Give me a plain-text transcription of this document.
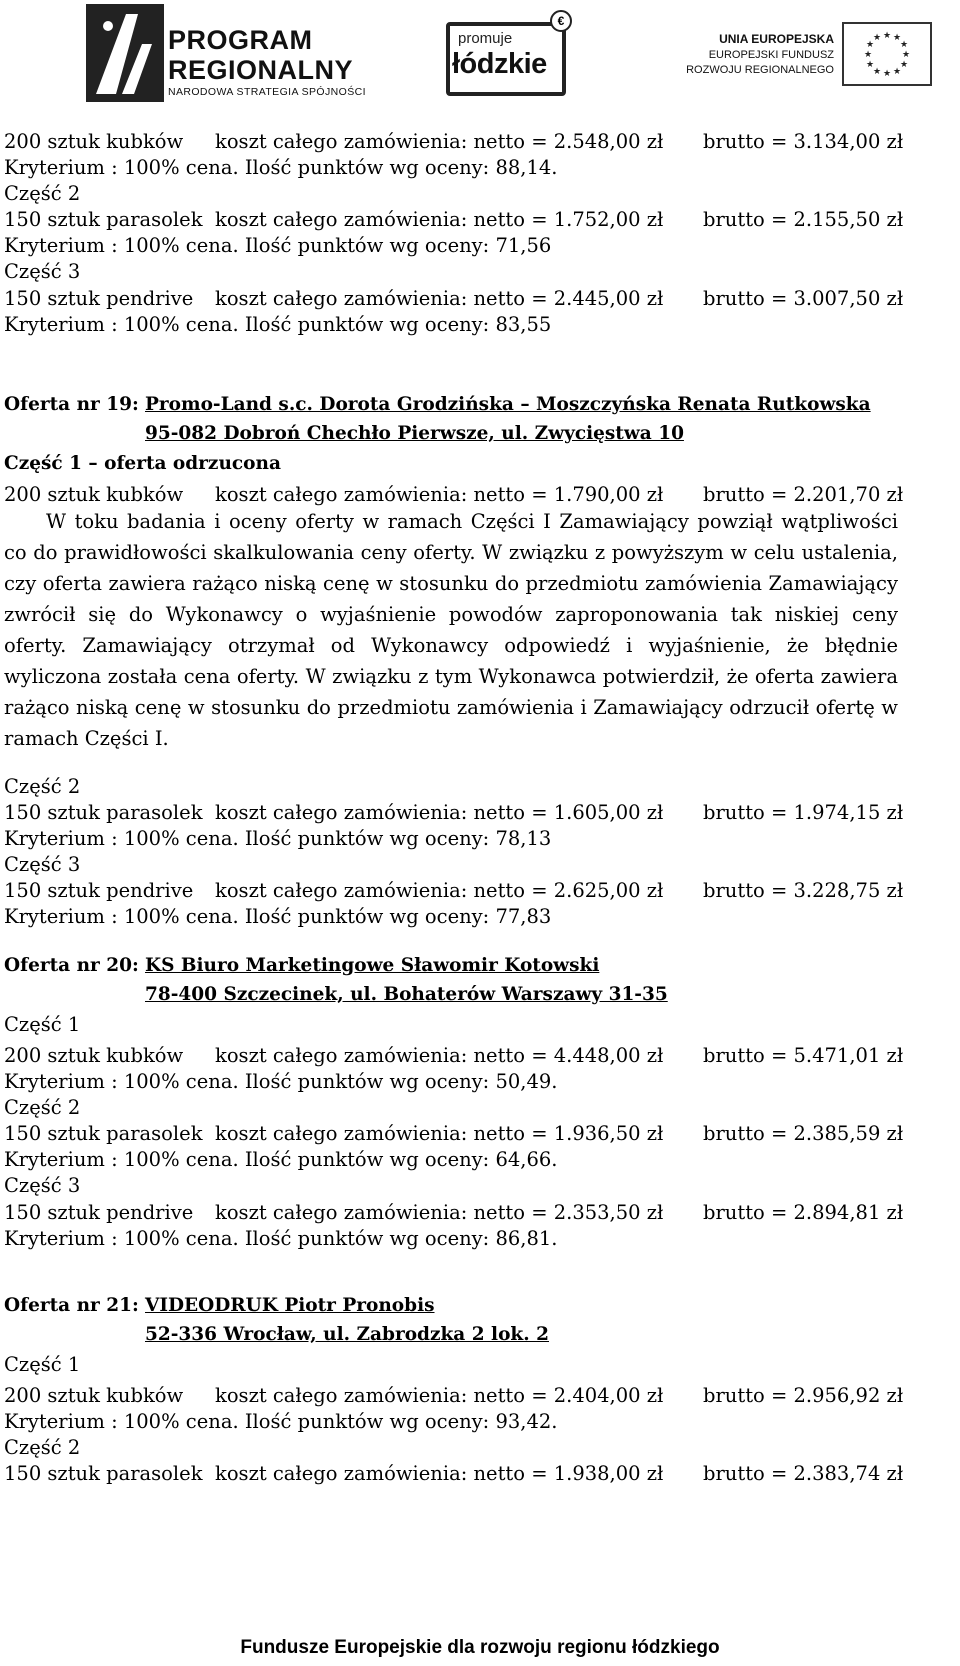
PROGRAM
REGIONALNY
NARODOWA STRATEGIA SPÓJNOŚCI
promuje
łódzkie
€
UNIA EUROPEJSKA
EUROPEJSKI FUNDUSZ
ROZWOJU REGIONALNEGO
★ ★
★
★
★
★
★
★
★
★
★
★
200 sztuk kubków koszt całego zamówienia: netto = 2.548,00 zł brutto = 3.134,00 zł
Kryterium : 100% cena. Ilość punktów wg oceny: 88,14.
Część 2
150 sztuk parasolek koszt całego zamówienia: netto = 1.752,00 zł brutto = 2.155,50 zł
Kryterium : 100% cena. Ilość punktów wg oceny: 71,56
Część 3
150 sztuk pendrive koszt całego zamówienia: netto = 2.445,00 zł brutto = 3.007,50 zł
Kryterium : 100% cena. Ilość punktów wg oceny: 83,55
Oferta nr 19: Promo-Land s.c. Dorota Grodzińska – Moszczyńska Renata Rutkowska
95-082 Dobroń Chechło Pierwsze, ul. Zwycięstwa 10
Część 1 – oferta odrzucona
200 sztuk kubków koszt całego zamówienia: netto = 1.790,00 zł brutto = 2.201,70 zł
W toku badania i oceny oferty w ramach Części I Zamawiający powziął wątpliwości co do prawidłowości skalkulowania ceny oferty. W związku z powyższym w celu ustalenia, czy oferta zawiera rażąco niską cenę w stosunku do przedmiotu zamówienia Zamawiający zwrócił się do Wykonawcy o wyjaśnienie powodów zaproponowania tak niskiej ceny oferty. Zamawiający otrzymał od Wykonawcy odpowiedź i wyjaśnienie, że błędnie wyliczona została cena oferty. W związku z tym Wykonawca potwierdził, że oferta zawiera rażąco niską cenę w stosunku do przedmiotu zamówienia i Zamawiający odrzucił ofertę w ramach Części I.
Część 2
150 sztuk parasolek koszt całego zamówienia: netto = 1.605,00 zł brutto = 1.974,15 zł
Kryterium : 100% cena. Ilość punktów wg oceny: 78,13
Część 3
150 sztuk pendrive koszt całego zamówienia: netto = 2.625,00 zł brutto = 3.228,75 zł
Kryterium : 100% cena. Ilość punktów wg oceny: 77,83
Oferta nr 20: KS Biuro Marketingowe Sławomir Kotowski
78-400 Szczecinek, ul. Bohaterów Warszawy 31-35
Część 1
200 sztuk kubków koszt całego zamówienia: netto = 4.448,00 zł brutto = 5.471,01 zł
Kryterium : 100% cena. Ilość punktów wg oceny: 50,49.
Część 2
150 sztuk parasolek koszt całego zamówienia: netto = 1.936,50 zł brutto = 2.385,59 zł
Kryterium : 100% cena. Ilość punktów wg oceny: 64,66.
Część 3
150 sztuk pendrive koszt całego zamówienia: netto = 2.353,50 zł brutto = 2.894,81 zł
Kryterium : 100% cena. Ilość punktów wg oceny: 86,81.
Oferta nr 21: VIDEODRUK Piotr Pronobis
52-336 Wrocław, ul. Zabrodzka 2 lok. 2
Część 1
200 sztuk kubków koszt całego zamówienia: netto = 2.404,00 zł brutto = 2.956,92 zł
Kryterium : 100% cena. Ilość punktów wg oceny: 93,42.
Część 2
150 sztuk parasolek koszt całego zamówienia: netto = 1.938,00 zł brutto = 2.383,74 zł
Fundusze Europejskie dla rozwoju regionu łódzkiego
